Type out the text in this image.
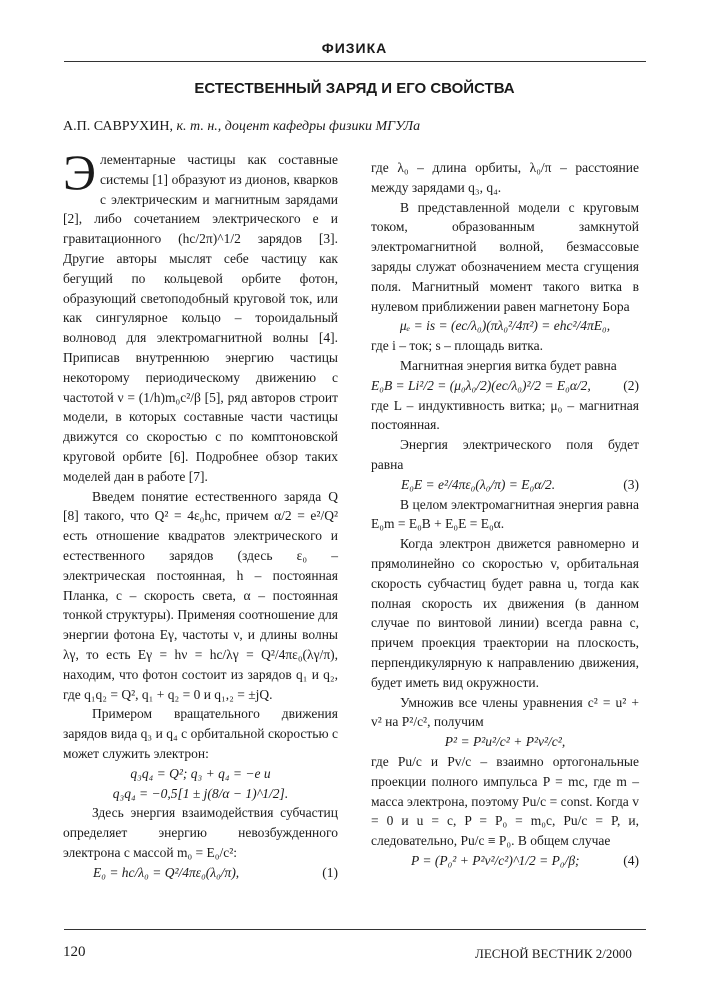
ФИЗИКА
ЕСТЕСТВЕННЫЙ ЗАРЯД И ЕГО СВОЙСТВА
А.П. САВРУХИН, к. т. н., доцент кафедры физики МГУЛа

Элементарные частицы как составные системы [1] образуют из дионов, кварков с электрическим и магнитным зарядами [2], либо сочетанием электрического e и гравитационного (hc/2π)^1/2 зарядов [3]. Другие авторы мыслят себе частицу как бегущий по кольцевой орбите фотон, образующий светоподобный круговой ток, или как сингулярное кольцо – тороидальный волновод для электромагнитной волны [4]. Приписав внутреннюю энергию частицы некоторому периодическому движению с частотой ν = (1/h)m₀c²/β [5], ряд авторов строит модели, в которых составные части частицы движутся со скоростью с по комптоновской круговой орбите [6]. Подробнее обзор таких моделей дан в работе [7].

Введем понятие естественного заряда Q [8] такого, что Q² = 4ε₀hc, причем α/2 = e²/Q² есть отношение квадратов электрического и естественного зарядов (здесь ε₀ – электрическая постоянная, h – постоянная Планка, c – скорость света, α – постоянная тонкой структуры). Применяя соотношение для энергии фотона Eγ, частоты ν, и длины волны λγ, то есть Eγ = hν = hc/λγ = Q²/4πε₀(λγ/π), находим, что фотон состоит из зарядов q₁ и q₂, где q₁q₂ = Q², q₁ + q₂ = 0 и q₁,₂ = ±jQ.

Примером вращательного движения зарядов вида q₃ и q₄ с орбитальной скоростью с может служить электрон:

q₃q₄ = Q²; q₃ + q₄ = −e и

q₃q₄ = −0,5[1 ± j(8/α − 1)^1/2].

Здесь энергия взаимодействия субчастиц определяет энергию невозбужденного электрона с массой m₀ = E₀/c²:

E₀ = hc/λ₀ = Q²/4πε₀(λ₀/π),	(1)

где λ₀ – длина орбиты, λ₀/π – расстояние между зарядами q₃, q₄.

В представленной модели с круговым током, образованным замкнутой электромагнитной волной, безмассовые заряды служат обозначением места сгущения поля. Магнитный момент такого витка в нулевом приближении равен магнетону Бора

μₑ = is = (ec/λ₀)(πλ₀²/4π²) = ehc²/4πE₀,

где i – ток; s – площадь витка.

Магнитная энергия витка будет равна

E₀B = Li²/2 = (μ₀λ₀/2)(ec/λ₀)²/2 = E₀α/2, (2)

где L – индуктивность витка; μ₀ – магнитная постоянная.

Энергия электрического поля будет равна

E₀E = e²/4πε₀(λ₀/π) = E₀α/2.	(3)

В целом электромагнитная энергия равна E₀m = E₀B + E₀E = E₀α.

Когда электрон движется равномерно и прямолинейно со скоростью v, орбитальная скорость субчастиц будет равна u, тогда как полная скорость их движения (в данном случае по винтовой линии) всегда равна c, причем проекция траектории на плоскость, перпендикулярную к направлению движения, будет иметь вид окружности.

Умножив все члены уравнения c² = u² + v² на P²/c², получим

P² = P²u²/c² + P²v²/c²,

где Pu/c и Pv/c – взаимно ортогональные проекции полного импульса P = mc, где m – масса электрона, поэтому Pu/c = const. Когда v = 0 и u = c, P = P₀ = m₀c, Pu/c = P, и, следовательно, Pu/c ≡ P₀. В общем случае

P = (P₀² + P²v²/c²)^1/2 = P₀/β;	(4)
120	ЛЕСНОЙ ВЕСТНИК 2/2000
